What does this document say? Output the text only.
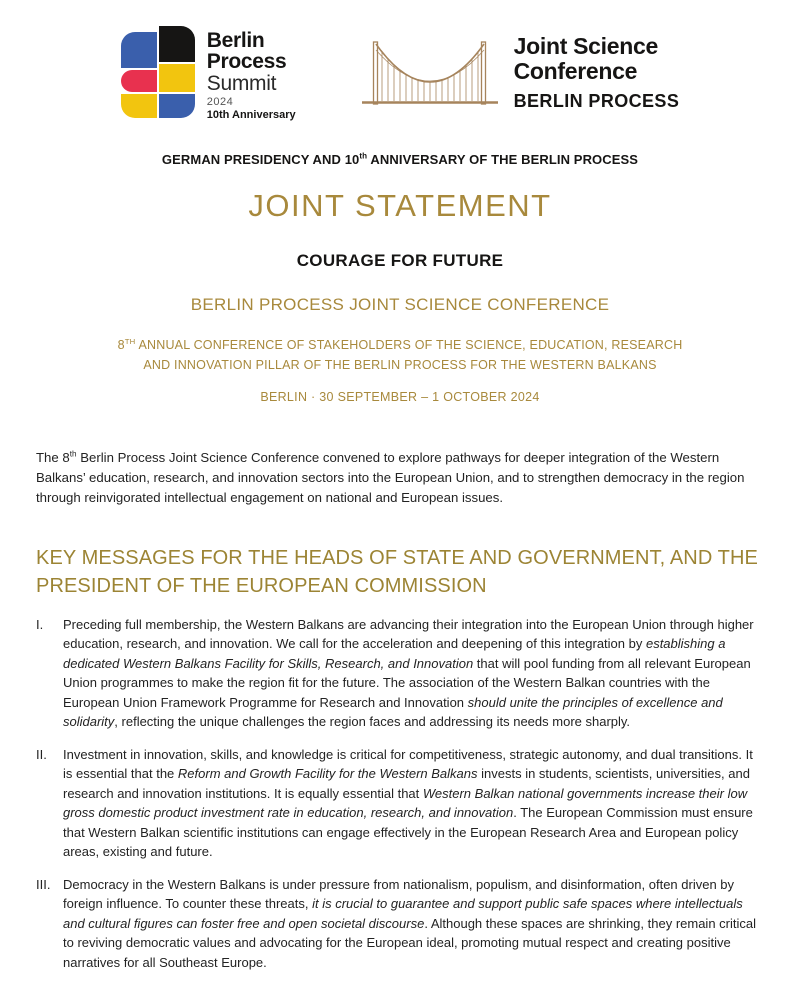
Berlin
Process
Summit
2024
10th Anniversary
Joint Science
Conference
BERLIN PROCESS
GERMAN PRESIDENCY AND 10th ANNIVERSARY OF THE BERLIN PROCESS
JOINT STATEMENT
COURAGE FOR FUTURE
BERLIN PROCESS JOINT SCIENCE CONFERENCE
8TH ANNUAL CONFERENCE OF STAKEHOLDERS OF THE SCIENCE, EDUCATION, RESEARCH
AND INNOVATION PILLAR OF THE BERLIN PROCESS FOR THE WESTERN BALKANS
BERLIN · 30 SEPTEMBER – 1 OCTOBER 2024

The 8th Berlin Process Joint Science Conference convened to explore pathways for deeper integration of the Western Balkans’ education, research, and innovation sectors into the European Union, and to strengthen democracy in the region through reinvigorated intellectual engagement on national and European issues.

KEY MESSAGES FOR THE HEADS OF STATE AND GOVERNMENT, AND THE
PRESIDENT OF THE EUROPEAN COMMISSION
I.	Preceding full membership, the Western Balkans are advancing their integration into the European Union through higher education, research, and innovation. We call for the acceleration and deepening of this integration by establishing a dedicated Western Balkans Facility for Skills, Research, and Innovation that will pool funding from all relevant European Union programmes to make the region fit for the future. The association of the Western Balkan countries with the European Union Framework Programme for Research and Innovation should unite the principles of excellence and solidarity, reflecting the unique challenges the region faces and addressing its needs more sharply.
II.	Investment in innovation, skills, and knowledge is critical for competitiveness, strategic autonomy, and dual transitions. It is essential that the Reform and Growth Facility for the Western Balkans invests in students, scientists, universities, and research and innovation institutions. It is equally essential that Western Balkan national governments increase their low gross domestic product investment rate in education, research, and innovation. The European Commission must ensure that Western Balkan scientific institutions can engage effectively in the European Research Area and European policy areas, existing and future.
III. Democracy in the Western Balkans is under pressure from nationalism, populism, and disinformation, often driven by foreign influence. To counter these threats, it is crucial to guarantee and support public safe spaces where intellectuals and cultural figures can foster free and open societal discourse. Although these spaces are shrinking, they remain critical to reviving democratic values and advocating for the European ideal, promoting mutual respect and creating positive narratives for all Southeast Europe.
